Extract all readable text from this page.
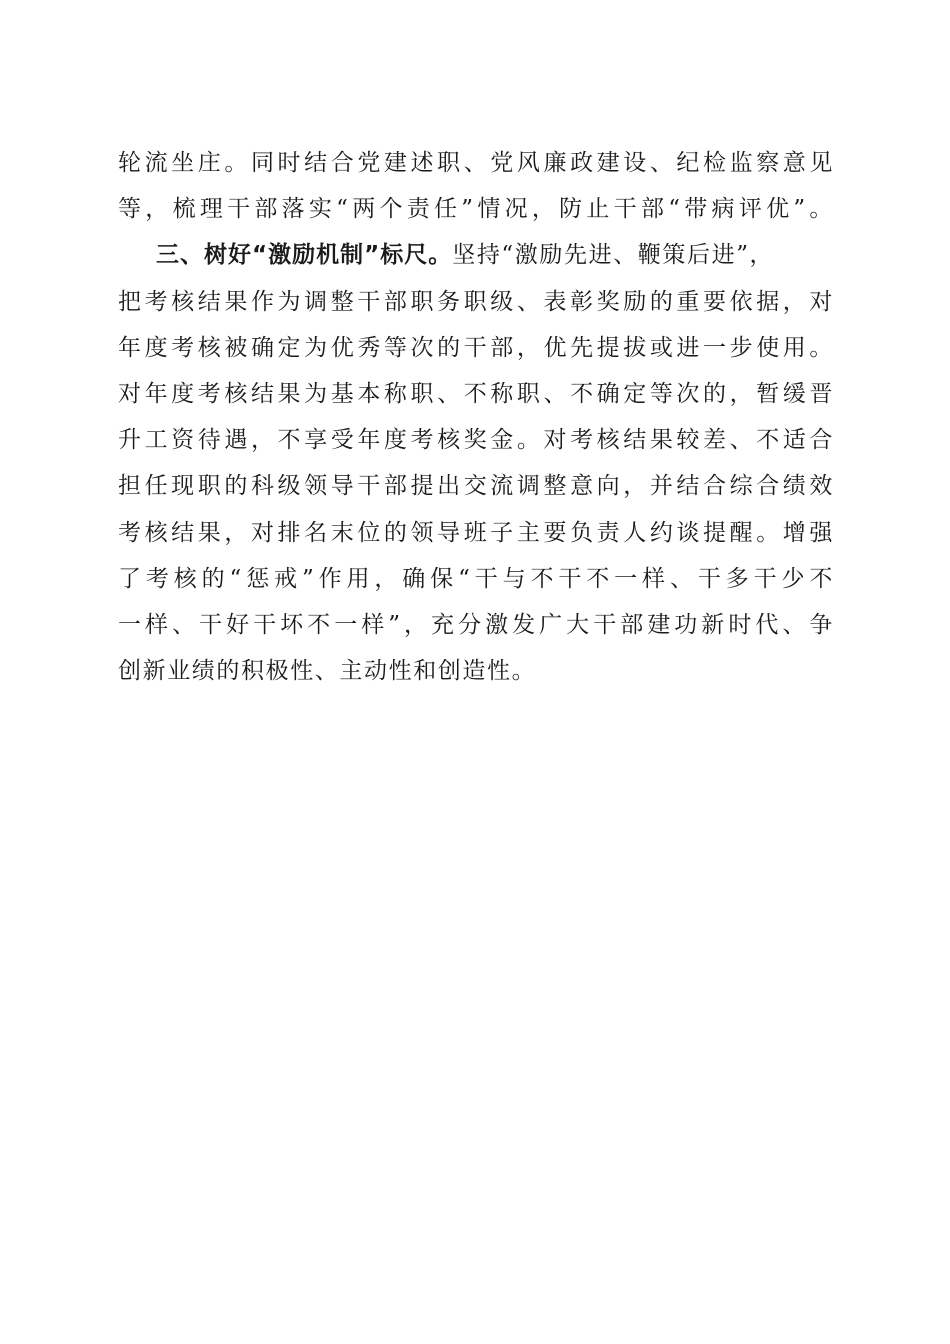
轮流坐庄。同时结合党建述职、党风廉政建设、纪检监察意见
等，梳理干部落实“两个责任”情况，防止干部“带病评优”。
三、树好“激励机制”标尺。坚持“激励先进、鞭策后进”，
把考核结果作为调整干部职务职级、表彰奖励的重要依据，对
年度考核被确定为优秀等次的干部，优先提拔或进一步使用。
对年度考核结果为基本称职、不称职、不确定等次的，暂缓晋
升工资待遇，不享受年度考核奖金。对考核结果较差、不适合
担任现职的科级领导干部提出交流调整意向，并结合综合绩效
考核结果，对排名末位的领导班子主要负责人约谈提醒。增强
了考核的“惩戒”作用，确保“干与不干不一样、干多干少不
一样、干好干坏不一样”，充分激发广大干部建功新时代、争
创新业绩的积极性、主动性和创造性。
